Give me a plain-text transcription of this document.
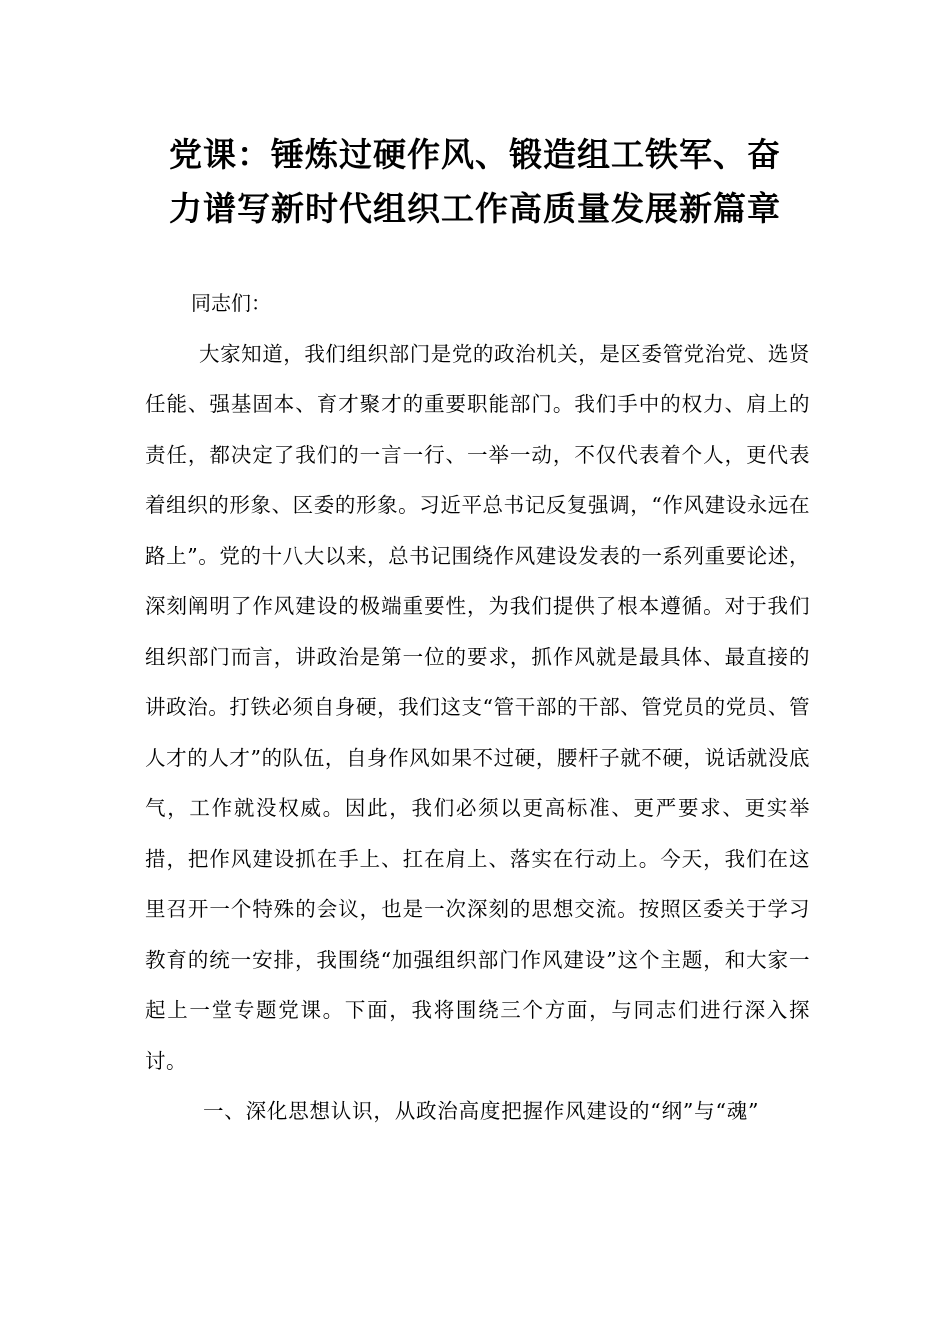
党课：锤炼过硬作风、锻造组工铁军、奋
力谱写新时代组织工作高质量发展新篇章

同志们：

大家知道，我们组织部门是党的政治机关，是区委管党治党、选贤任能、强基固本、育才聚才的重要职能部门。我们手中的权力、肩上的责任，都决定了我们的一言一行、一举一动，不仅代表着个人，更代表着组织的形象、区委的形象。习近平总书记反复强调，“作风建设永远在路上”。党的十八大以来，总书记围绕作风建设发表的一系列重要论述，深刻阐明了作风建设的极端重要性，为我们提供了根本遵循。对于我们组织部门而言，讲政治是第一位的要求，抓作风就是最具体、最直接的讲政治。打铁必须自身硬，我们这支“管干部的干部、管党员的党员、管人才的人才”的队伍，自身作风如果不过硬，腰杆子就不硬，说话就没底气，工作就没权威。因此，我们必须以更高标准、更严要求、更实举措，把作风建设抓在手上、扛在肩上、落实在行动上。今天，我们在这里召开一个特殊的会议，也是一次深刻的思想交流。按照区委关于学习教育的统一安排，我围绕“加强组织部门作风建设”这个主题，和大家一起上一堂专题党课。下面，我将围绕三个方面，与同志们进行深入探讨。

一、深化思想认识，从政治高度把握作风建设的“纲”与“魂”
